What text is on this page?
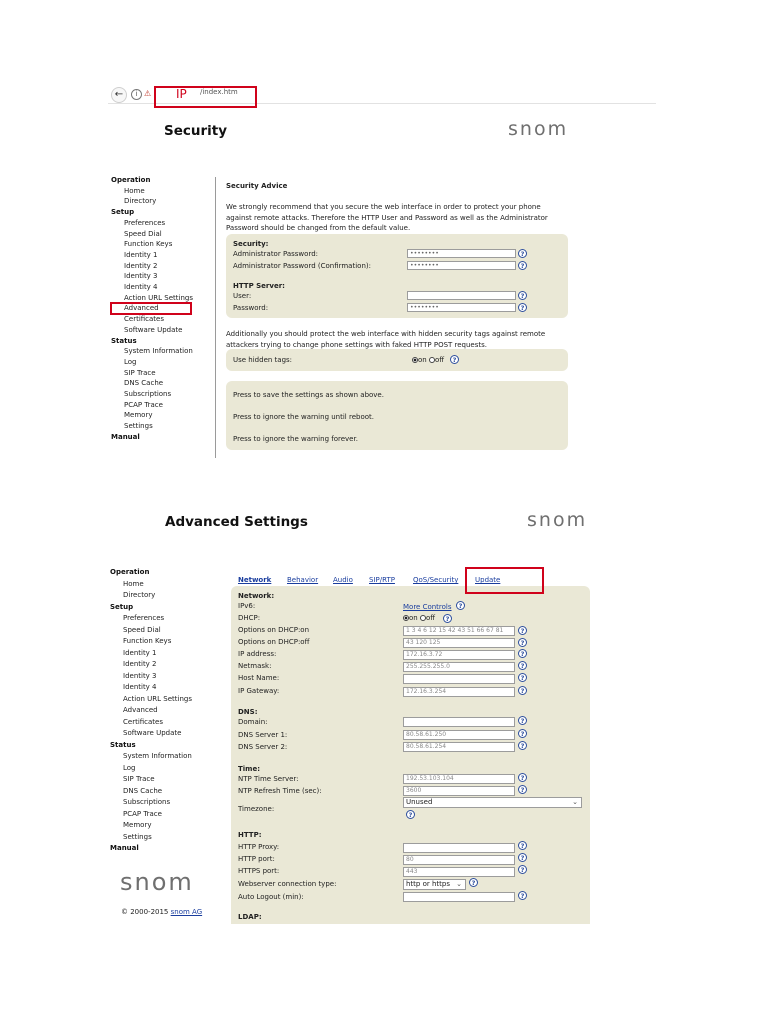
←	i ⚠ IP /index.htm
Security	snom
Operation
Home
Directory
Setup
Preferences
Speed Dial
Function Keys
Identity 1
Identity 2
Identity 3
Identity 4
Action URL Settings
Advanced
Certificates
Software Update
Status
System Information
Log
SIP Trace
DNS Cache
Subscriptions
PCAP Trace
Memory
Settings
Manual
Security Advice
We strongly recommend that you secure the web interface in order to protect your phone against remote attacks. Therefore the HTTP User and Password as well as the Administrator Password should be changed from the default value.
Security:
Administrator Password:	••••••••	?
Administrator Password (Confirmation):	••••••••	?
HTTP Server:
User:	?
Password:	••••••••	?
Additionally you should protect the web interface with hidden security tags against remote attackers trying to change phone settings with faked HTTP POST requests.
Use hidden tags:	on off	?
Press to save the settings as shown above.
Press to ignore the warning until reboot.
Press to ignore the warning forever.
Advanced Settings	snom
Operation
Home
Directory
Setup
Preferences
Speed Dial
Function Keys
Identity 1
Identity 2
Identity 3
Identity 4
Action URL Settings
Advanced
Certificates
Software Update
Status
System Information
Log
SIP Trace
DNS Cache
Subscriptions
PCAP Trace
Memory
Settings
Manual
snom
© 2000-2015 snom AG
Network Behavior Audio SIP/RTP	QoS/Security Update
Network:
IPv6:	More Controls	?
DHCP:	on off	?
Options on DHCP:on	1 3 4 6 12 15 42 43 51 66 67 81	?
Options on DHCP:off	43 120 125	?
IP address:	172.16.3.72	?
Netmask:	255.255.255.0	?
Host Name:	?
IP Gateway:	172.16.3.254	?
DNS:
Domain:	?
DNS Server 1:	80.58.61.250	?
DNS Server 2:	80.58.61.254	?
Time:
NTP Time Server:	192.53.103.104	?
NTP Refresh Time (sec):	3600	?
Timezone:
Unused	⌄
?
HTTP:
HTTP Proxy:	?
HTTP port:	80	?
HTTPS port:	443	?
Webserver connection type:	http or https ⌄	?
Auto Logout (min):	?
LDAP:
